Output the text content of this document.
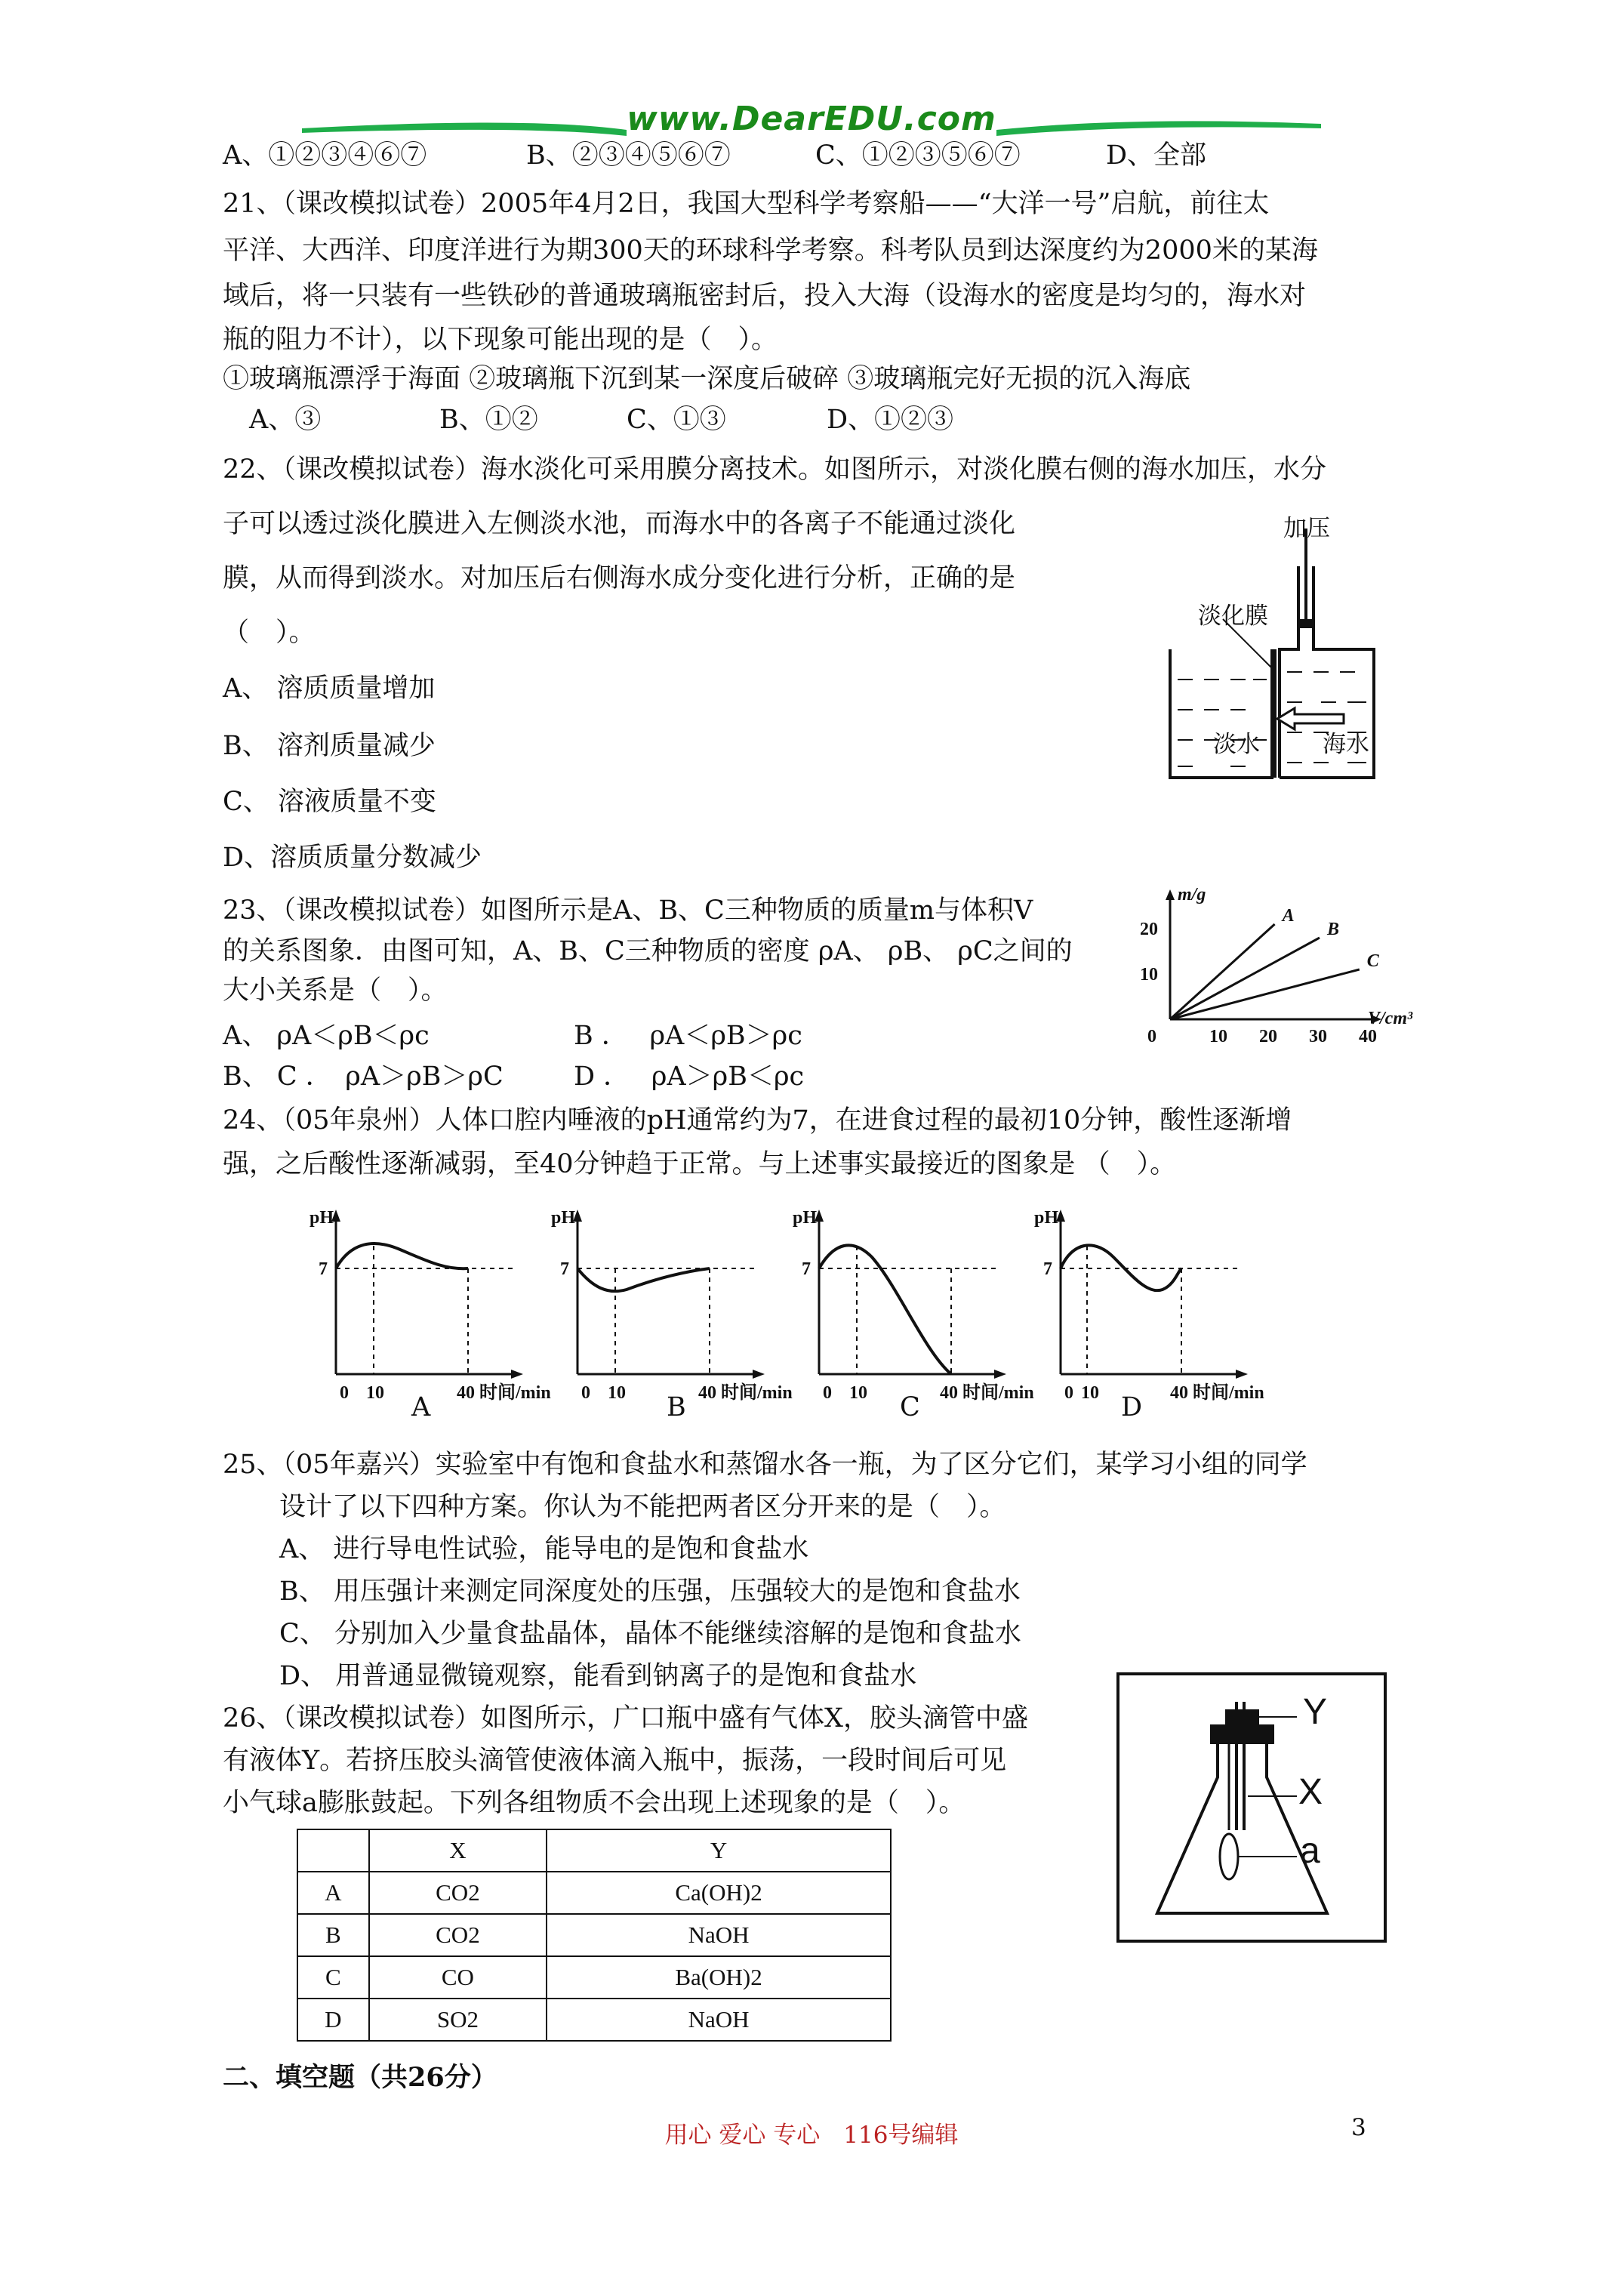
www.DearEDU.com
A、①②③④⑥⑦	B、②③④⑤⑥⑦	C、①②③⑤⑥⑦	D、全部
21、（课改模拟试卷）2005年4月2日，我国大型科学考察船——“大洋一号”启航，前往太
平洋、大西洋、印度洋进行为期300天的环球科学考察。科考队员到达深度约为2000米的某海
域后，将一只装有一些铁砂的普通玻璃瓶密封后，投入大海（设海水的密度是均匀的，海水对
瓶的阻力不计），以下现象可能出现的是（　）。
①玻璃瓶漂浮于海面 ②玻璃瓶下沉到某一深度后破碎 ③玻璃瓶完好无损的沉入海底
A、③	B、①②	C、①③	D、①②③
22、（课改模拟试卷）海水淡化可采用膜分离技术。如图所示，对淡化膜右侧的海水加压，水分
子可以透过淡化膜进入左侧淡水池，而海水中的各离子不能通过淡化
膜，从而得到淡水。对加压后右侧海水成分变化进行分析，正确的是
（　）。
A、 溶质质量增加
B、 溶剂质量减少
C、 溶液质量不变
D、溶质质量分数减少
加压
淡化膜
淡水	海水
23、（课改模拟试卷）如图所示是A、B、C三种物质的质量m与体积V
的关系图象．由图可知，A、B、C三种物质的密度 ρA、 ρB、 ρC之间的
大小关系是（　）。
A、 ρA＜ρB＜ρc	B ．　 ρA＜ρB＞ρc
B、 C ．　ρA＞ρB＞ρC	D ．　 ρA＞ρB＜ρc
m/g
V/cm³
10
20
0	10 20 30 40
A
B
C
24、（05年泉州）人体口腔内唾液的pH通常约为7，在进食过程的最初10分钟，酸性逐渐增
强，之后酸性逐渐减弱，至40分钟趋于正常。与上述事实最接近的图象是 （　）。
pH
7
0 10	40 时间/min
pH
7
0 10	40 时间/min
pH
7
0 10	40 时间/min
pH
7
0 10	40 时间/min
A	B	C	D
25、（05年嘉兴）实验室中有饱和食盐水和蒸馏水各一瓶，为了区分它们，某学习小组的同学
设计了以下四种方案。你认为不能把两者区分开来的是（　）。
A、 进行导电性试验，能导电的是饱和食盐水
B、 用压强计来测定同深度处的压强，压强较大的是饱和食盐水
C、 分别加入少量食盐晶体，晶体不能继续溶解的是饱和食盐水
D、 用普通显微镜观察，能看到钠离子的是饱和食盐水
26、（课改模拟试卷）如图所示，广口瓶中盛有气体X，胶头滴管中盛
有液体Y。若挤压胶头滴管使液体滴入瓶中，振荡，一段时间后可见
小气球a膨胀鼓起。下列各组物质不会出现上述现象的是（　）。
Y
X
a
	X	Y
A	CO2	Ca(OH)2
B	CO2	NaOH
C	CO	Ba(OH)2
D	SO2	NaOH
二、填空题（共26分）
用心 爱心 专心　116号编辑	3
